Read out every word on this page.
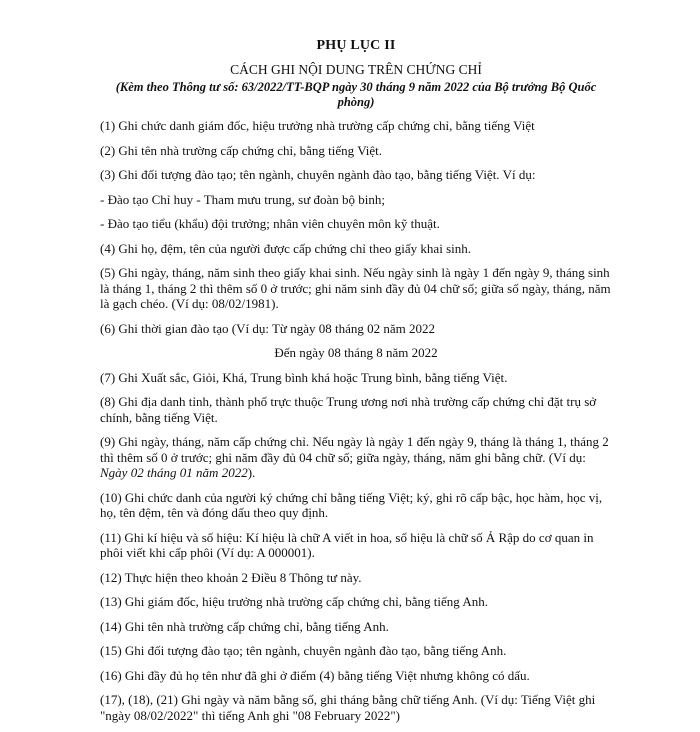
PHỤ LỤC II

CÁCH GHI NỘI DUNG TRÊN CHỨNG CHỈ

(Kèm theo Thông tư số: 63/2022/TT-BQP ngày 30 tháng 9 năm 2022 của Bộ trưởng Bộ Quốc phòng)

(1) Ghi chức danh giám đốc, hiệu trưởng nhà trường cấp chứng chỉ, bằng tiếng Việt

(2) Ghi tên nhà trường cấp chứng chỉ, bằng tiếng Việt.

(3) Ghi đối tượng đào tạo; tên ngành, chuyên ngành đào tạo, bằng tiếng Việt. Ví dụ:

- Đào tạo Chỉ huy - Tham mưu trung, sư đoàn bộ binh;

- Đào tạo tiểu (khẩu) đội trưởng; nhân viên chuyên môn kỹ thuật.

(4) Ghi họ, đệm, tên của người được cấp chứng chỉ theo giấy khai sinh.

(5) Ghi ngày, tháng, năm sinh theo giấy khai sinh. Nếu ngày sinh là ngày 1 đến ngày 9, tháng sinh là tháng 1, tháng 2 thì thêm số 0 ở trước; ghi năm sinh đầy đủ 04 chữ số; giữa số ngày, tháng, năm là gạch chéo. (Ví dụ: 08/02/1981).

(6) Ghi thời gian đào tạo (Ví dụ: Từ ngày 08 tháng 02 năm 2022

Đến ngày 08 tháng 8 năm 2022

(7) Ghi Xuất sắc, Giỏi, Khá, Trung bình khá hoặc Trung bình, bằng tiếng Việt.

(8) Ghi địa danh tỉnh, thành phố trực thuộc Trung ương nơi nhà trường cấp chứng chỉ đặt trụ sở chính, bằng tiếng Việt.

(9) Ghi ngày, tháng, năm cấp chứng chỉ. Nếu ngày là ngày 1 đến ngày 9, tháng là tháng 1, tháng 2 thì thêm số 0 ở trước; ghi năm đầy đủ 04 chữ số; giữa ngày, tháng, năm ghi bằng chữ. (Ví dụ: Ngày 02 tháng 01 năm 2022).

(10) Ghi chức danh của người ký chứng chỉ bằng tiếng Việt; ký, ghi rõ cấp bậc, học hàm, học vị, họ, tên đệm, tên và đóng dấu theo quy định.

(11) Ghi kí hiệu và số hiệu: Kí hiệu là chữ A viết in hoa, số hiệu là chữ số Ả Rập do cơ quan in phôi viết khi cấp phôi (Ví dụ: A 000001).

(12) Thực hiện theo khoản 2 Điều 8 Thông tư này.

(13) Ghi giám đốc, hiệu trưởng nhà trường cấp chứng chỉ, bằng tiếng Anh.

(14) Ghi tên nhà trường cấp chứng chỉ, bằng tiếng Anh.

(15) Ghi đối tượng đào tạo; tên ngành, chuyên ngành đào tạo, bằng tiếng Anh.

(16) Ghi đầy đủ họ tên như đã ghi ở điểm (4) bằng tiếng Việt nhưng không có dấu.

(17), (18), (21) Ghi ngày và năm bằng số, ghi tháng bằng chữ tiếng Anh. (Ví dụ: Tiếng Việt ghi "ngày 08/02/2022" thì tiếng Anh ghi "08 February 2022")
